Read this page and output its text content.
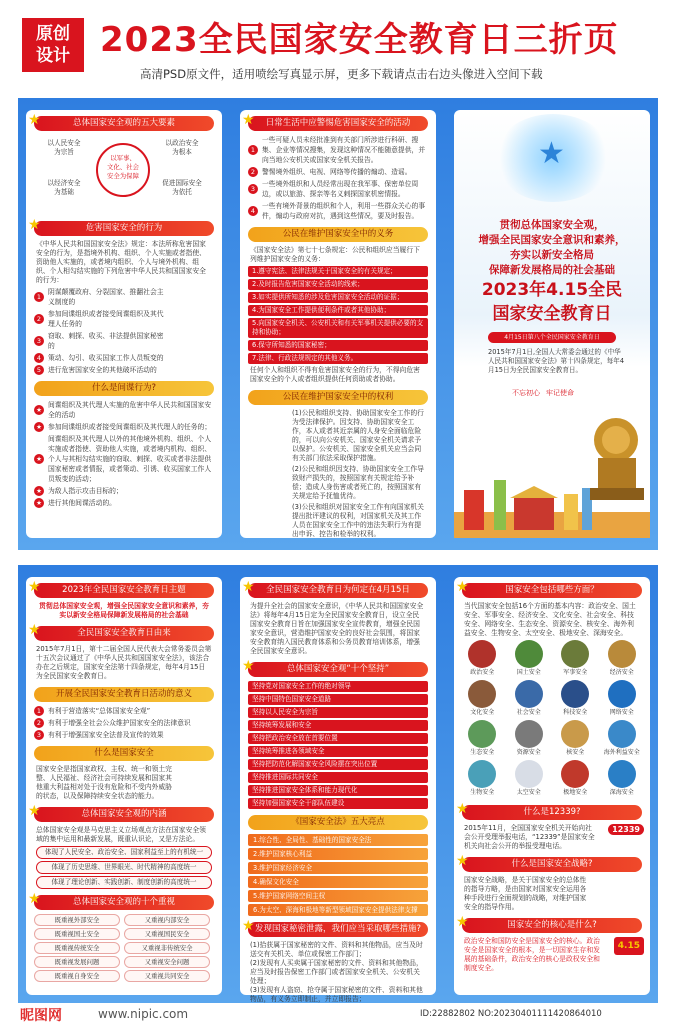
原创
设计 2023全民国家安全教育日三折页
高清PSD原文件，适用喷绘写真显示屏，更多下载请点击右边头像进入空间下载
★ 总体国家安全观的五大要素
以人民安全
为宗旨
以政治安全
为根本
以经济安全
为基础
促进国际安全
为依托
以军事、
文化、社会
安全为保障
★ 危害国家安全的行为
《中华人民共和国国家安全法》规定：本法所称危害国家安全的行为，是指境外机构、组织、个人实施或者指使、资助他人实施的，或者境内组织、个人与境外机构、组织、个人相勾结实施的下列危害中华人民共和国国家安全的行为：
1
阴谋颠覆政府、分裂国家、推翻社会主义制度的
2
参加间谍组织或者接受间谍组织及其代理人任务的
3
窃取、刺探、收买、非法提供国家秘密的
4	策动、勾引、收买国家工作人员叛变的
5	进行危害国家安全的其他破坏活动的
什么是间谍行为?
★
间谍组织及其代理人实施的危害中华人民共和国国家安全的活动
★ 参加间谍组织或者接受间谍组织及其代理人的任务的；
★
间谍组织及其代理人以外的其他境外机构、组织、个人实施或者指使、资助他人实施，或者境内机构、组织、个人与其相勾结实施的窃取、刺探、收买或者非法提供国家秘密或者情报，或者策动、引诱、收买国家工作人员叛变的活动；
★ 为敌人指示攻击目标的；
★ 进行其他间谍活动的。
★ 日常生活中应警惕危害国家安全的活动
1
一些可疑人员未经批准到有关部门所涉进行科研、搜集、企业等情况搜集，发现这种情况不能随意提供，并向当地公安机关或国家安全机关报告。
2	警惕境外组织、电视、网络等传播的煽动、造谣。
3
一些境外组织和人员经常出现在我军事、保密单位周边，或以旅游、探亲等名义刺探国家机密情报。
4
一些有境外背景的组织和个人，利用一些群众关心的事件，煽动与政府对抗，遇到这些情况，要及时报告。
公民在维护国家安全中的义务
《国家安全法》第七十七条规定：公民和组织应当履行下列维护国家安全的义务：
1.遵守宪法、法律法规关于国家安全的有关规定；
2.及时报告危害国家安全活动的线索；
3.如实提供所知悉的涉及危害国家安全活动的证据；
4.为国家安全工作提供便利条件或者其他协助；
5.向国家安全机关、公安机关和有关军事机关提供必要的支持和协助；
6.保守所知悉的国家秘密；
7.法律、行政法规规定的其他义务。
任何个人和组织不得有危害国家安全的行为，不得向危害国家安全的个人或者组织提供任何资助或者协助。
公民在维护国家安全中的权利
(1)公民和组织支持、协助国家安全工作的行为受法律保护。因支持、协助国家安全工作，本人或者其近亲属的人身安全面临危险的，可以向公安机关、国家安全机关请求予以保护。公安机关、国家安全机关应当会同有关部门依法采取保护措施。
(2)公民和组织因支持、协助国家安全工作导致财产损失的，按照国家有关规定给予补偿；造成人身伤害或者死亡的，按照国家有关规定给予抚恤优待。
(3)公民和组织对国家安全工作有向国家机关提出批评建议的权利，对国家机关及其工作人员在国家安全工作中的违法失职行为有提出申诉、控告和检举的权利。
★
贯彻总体国家安全观，
增强全民国家安全意识和素养，
夯实以新安全格局
保障新发展格局的社会基础
2023年4.15全民
国家安全教育日
4月15日第八个全民国家安全教育日
2015年7月1日,全国人大常委会通过的《中华人民共和国国家安全法》第十四条规定，每年4月15日为全民国家安全教育日。
不忘初心 牢记使命
★ 2023年全民国家安全教育日主题
贯彻总体国家安全观，增强全民国家安全意识和素养，夯实以新安全格局保障新发展格局的社会基础
★ 全民国家安全教育日由来
2015年7月1日，第十二届全国人民代表大会常务委员会第十五次会议通过了《中华人民共和国国家安全法》，该法合办在之后规定，国家安全法第十四条规定，每年4月15日为全民国家安全教育日。
开展全民国家安全教育日活动的意义
1	有利于营造落实“总体国家安全观”
2	有利于增强全社会公众维护国家安全的法律意识
3	有利于增强国家安全法普及宣传的效果
什么是国家安全
国家安全是指国家政权、主权、统一和领土完整、人民福祉、经济社会可持续发展和国家其他重大利益相对处于没有危险和不受内外威胁的状态，以及保障持续安全状态的能力。
★ 总体国家安全观的内涵
总体国家安全观是马克思主义立场观点方法在国家安全领域的集中运用和最新发展，既重认识论，又是方法论。
体现了人民安全、政治安全、国家利益至上的有机统一
体现了历史思维、世界眼光、时代精神的高度统一
体现了理论创新、实践创新、制度创新的高度统一
★ 总体国家安全观的十个重视
既重视外部安全	又重视内部安全
既重视国土安全	又重视国民安全
既重视传统安全	又重视非传统安全
既重视发展问题	又重视安全问题
既重视自身安全	又重视共同安全
★ 全民国家安全教育日为何定在4月15日
为提升全社会的国家安全意识，《中华人民共和国国家安全法》将每年4月15日定为全民国家安全教育日，设立全民国家安全教育日旨在加强国家安全宣传教育，增强全民国家安全意识，营造维护国家安全的良好社会氛围，将国家安全教育纳入国民教育体系和公务员教育培训体系，增强全民国家安全意识。
★ 总体国家安全观“十个坚持”
坚持党对国家安全工作的绝对领导
坚持中国特色国家安全道路
坚持以人民安全为宗旨
坚持统筹发展和安全
坚持把政治安全放在首要位置
坚持统筹推进各领域安全
坚持把防范化解国家安全风险摆在突出位置
坚持推进国际共同安全
坚持推进国家安全体系和能力现代化
坚持加强国家安全干部队伍建设
《国家安全法》五大亮点
1.综合性、全局性、基础性的国家安全法
2.维护国家核心利益
3.维护国家经济安全
4.确保文化安全
5.维护国家网络空间主权
6.为太空、深海和极地等新型领域国家安全提供法律支撑
★ 发现国家秘密泄露，我们应当采取哪些措施?
(1)拾获属于国家秘密的文件、资料和其他物品，应当及时送交有关机关、单位或保密工作部门；
(2)发现有人买卖属于国家秘密的文件、资料和其他物品，应当及时报告保密工作部门或者国家安全机关、公安机关处理；
(3)发现有人盗窃、抢夺属于国家秘密的文件、资料和其他物品，有义务立即制止，并立即报告；
★ 国家安全包括哪些方面？
当代国家安全包括16个方面的基本内容：政治安全、国土安全、军事安全、经济安全、文化安全、社会安全、科技安全、网络安全、生态安全、资源安全、核安全、海外利益安全、生物安全、太空安全、极地安全、深海安全。
政治安全	国土安全	军事安全	经济安全
文化安全	社会安全	科技安全	网络安全
生态安全	资源安全	核安全	海外利益安全
生物安全	太空安全	极地安全	深海安全
★ 什么是12339?
2015年11月，全国国家安全机关开始向社会公开受理举报电话，“12339”是国家安全机关向社会公开的举报受理电话。
12339
★ 什么是国家安全战略?
国家安全战略，是关于国家安全的总体性的指导方略，是由国家对国家安全运用各种手段进行全面规划的战略，对维护国家安全的指导作用。
★ 国家安全的核心是什么?
政治安全和国防安全是国家安全的核心。政治安全是国家安全的根本，是一切国家生存和发展的基础条件，政治安全的核心是政权安全和制度安全。
4.15
昵图网	www.nipic.com	ID:22882802 NO:20230401111420864010
